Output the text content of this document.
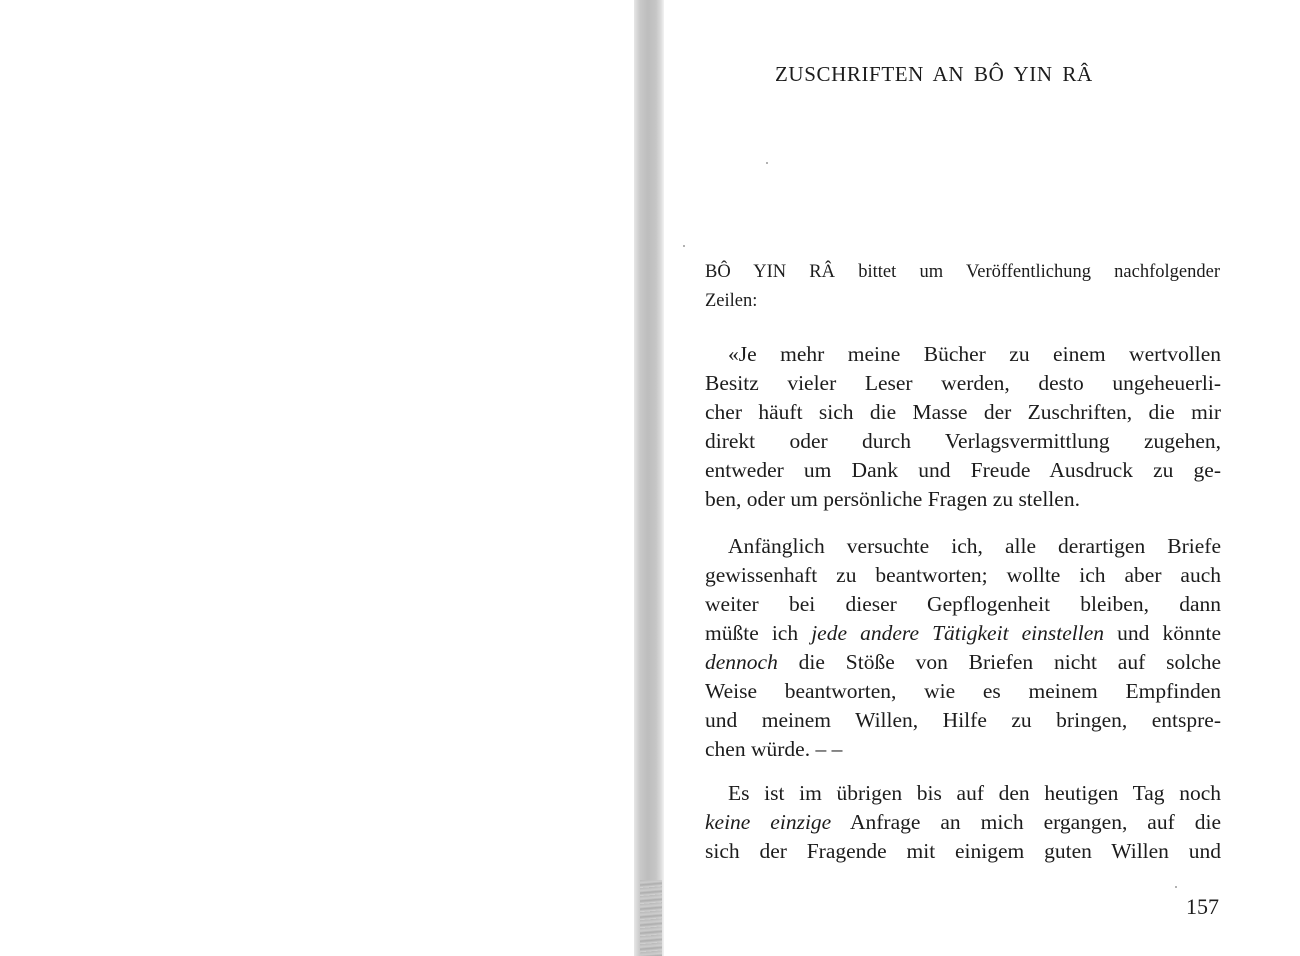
ZUSCHRIFTEN AN BÔ YIN RÂ
BÔ YIN RÂ bittet um Veröffentlichung nachfolgender
Zeilen:
«Je mehr meine Bücher zu einem wertvollen
Besitz vieler Leser werden, desto ungeheuerli-
cher häuft sich die Masse der Zuschriften, die mir
direkt oder durch Verlagsvermittlung zugehen,
entweder um Dank und Freude Ausdruck zu ge-
ben, oder um persönliche Fragen zu stellen.
Anfänglich versuchte ich, alle derartigen Briefe
gewissenhaft zu beantworten; wollte ich aber auch
weiter bei dieser Gepflogenheit bleiben, dann
müßte ich jede andere Tätigkeit einstellen und könnte
dennoch die Stöße von Briefen nicht auf solche
Weise beantworten, wie es meinem Empfinden
und meinem Willen, Hilfe zu bringen, entspre-
chen würde. – –
Es ist im übrigen bis auf den heutigen Tag noch
keine einzige Anfrage an mich ergangen, auf die
sich der Fragende mit einigem guten Willen und
157
